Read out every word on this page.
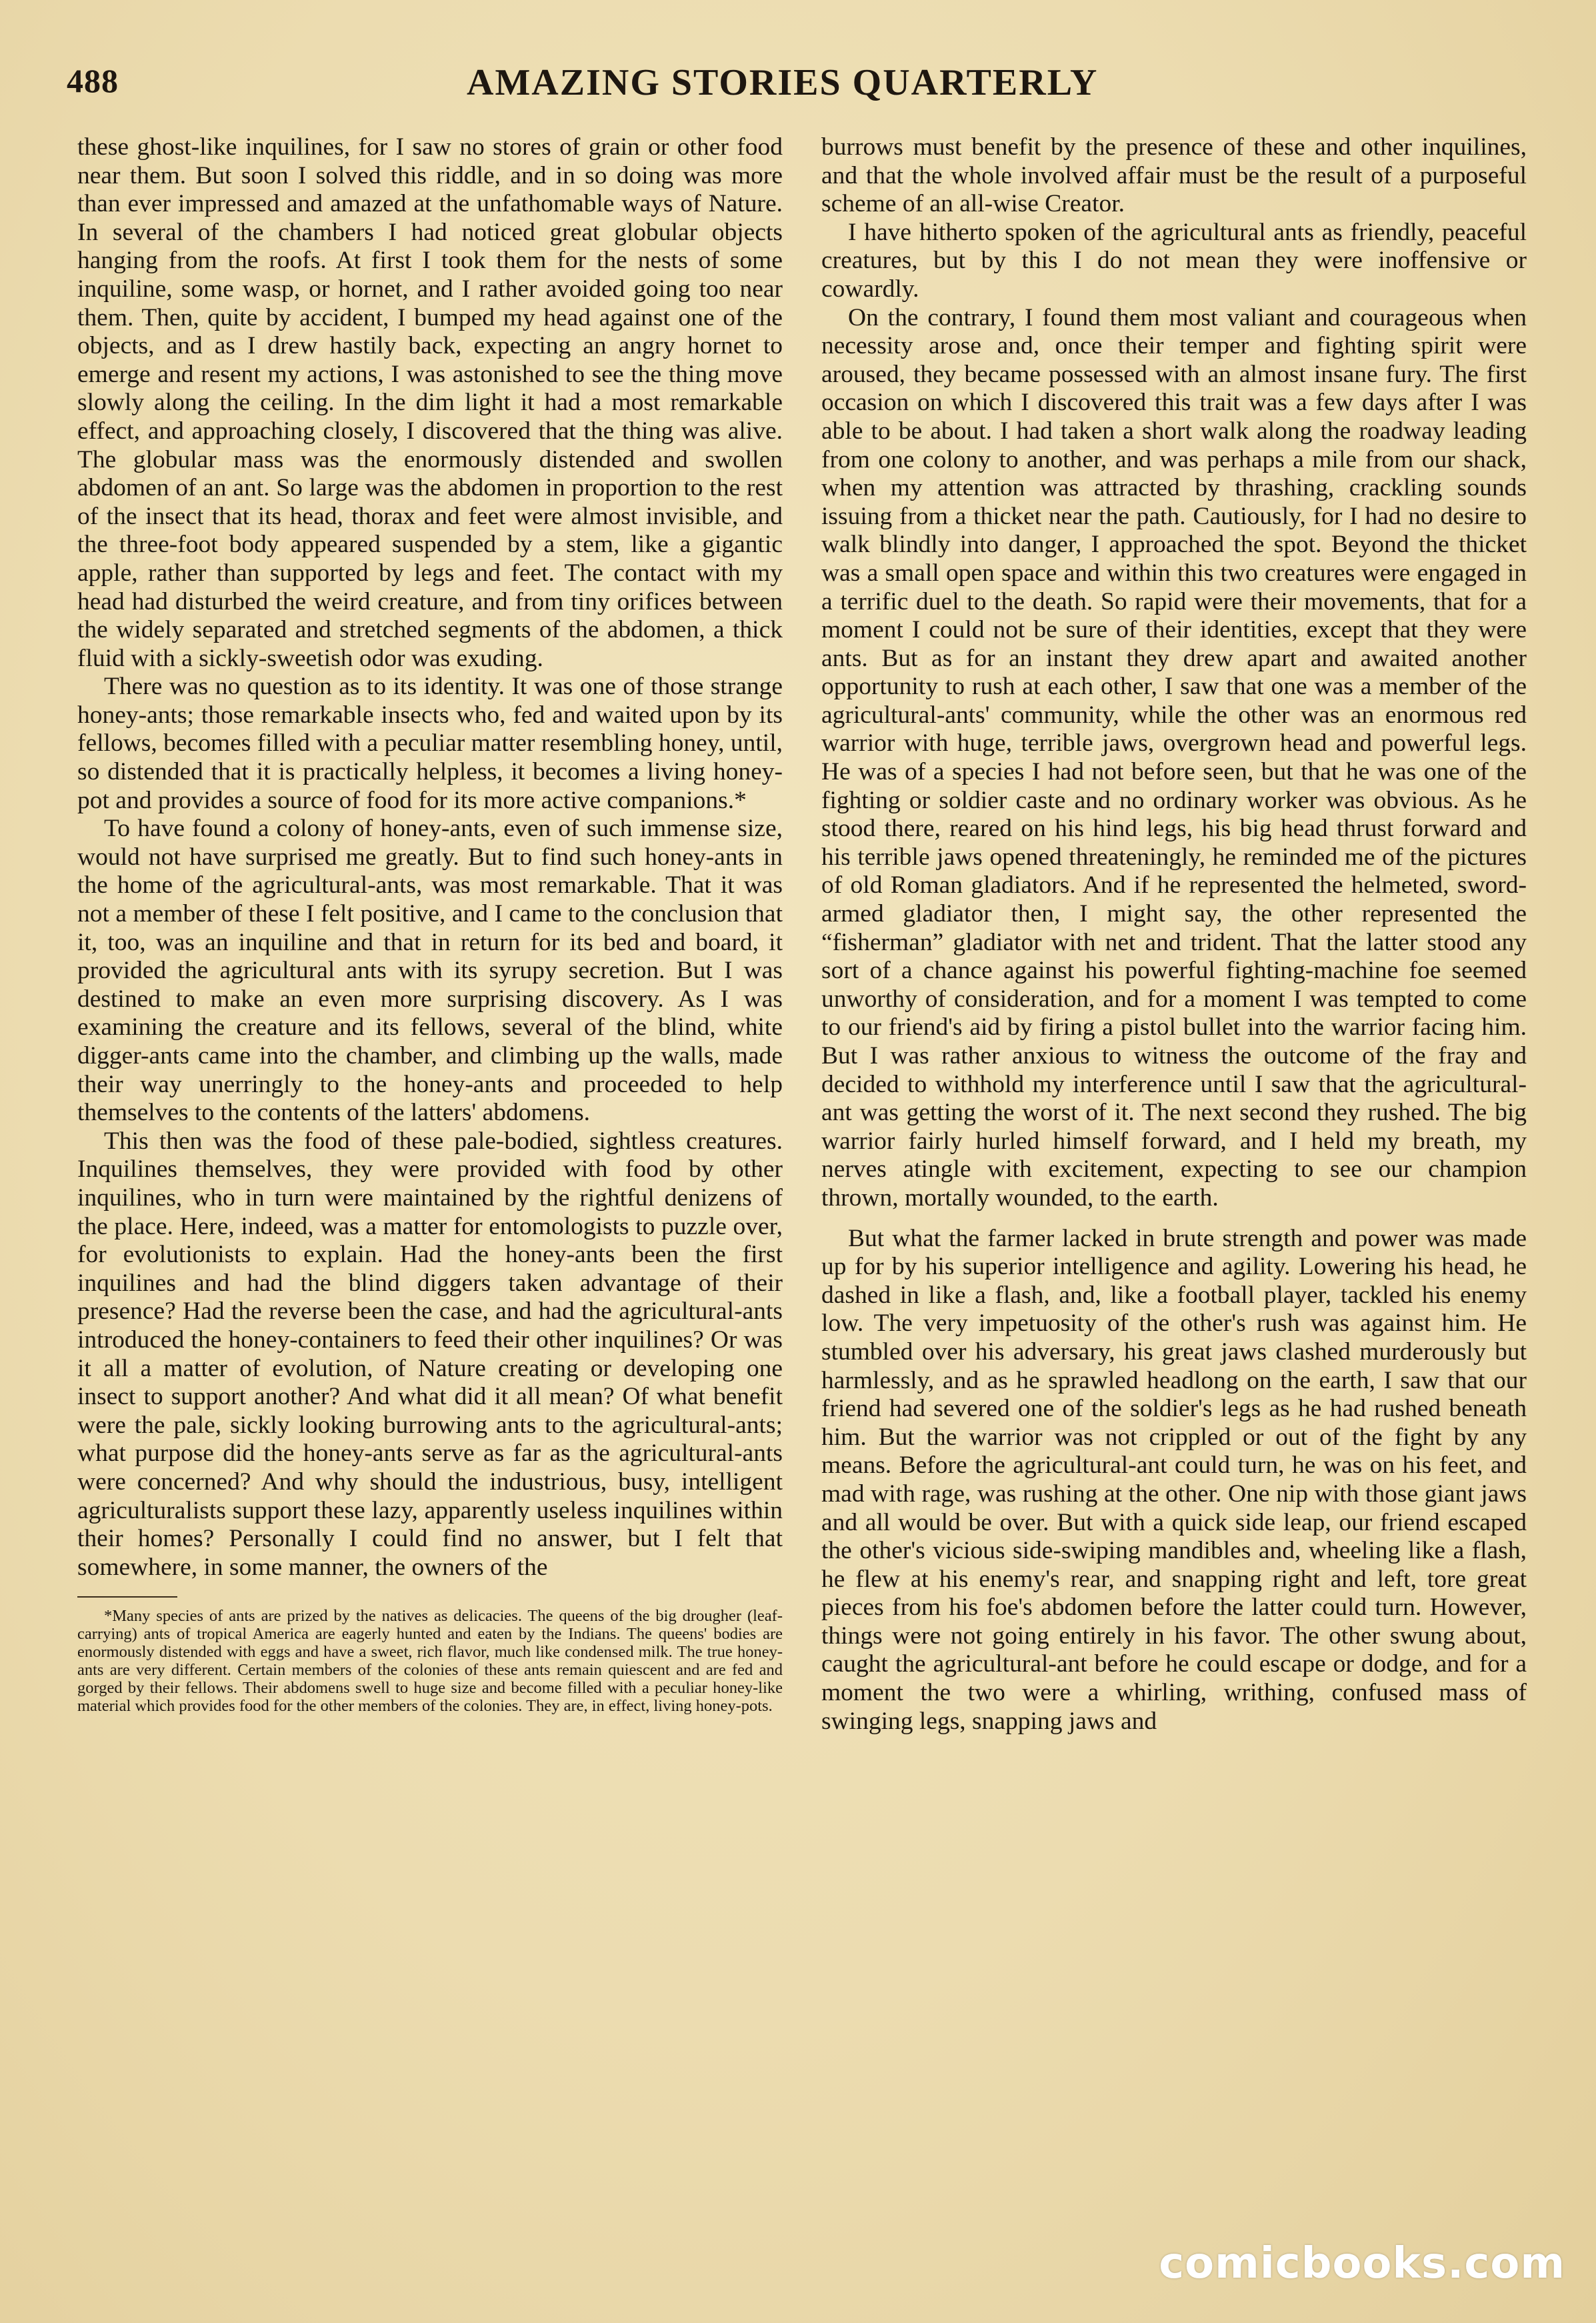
488	AMAZING STORIES QUARTERLY

these ghost-like inquilines, for I saw no stores of grain or other food near them. But soon I solved this riddle, and in so doing was more than ever impressed and amazed at the unfathomable ways of Nature. In several of the chambers I had noticed great globular objects hanging from the roofs. At first I took them for the nests of some inquiline, some wasp, or hornet, and I rather avoided going too near them. Then, quite by accident, I bumped my head against one of the objects, and as I drew hastily back, expecting an angry hornet to emerge and resent my actions, I was astonished to see the thing move slowly along the ceiling. In the dim light it had a most remarkable effect, and approaching closely, I discovered that the thing was alive. The globular mass was the enormously distended and swollen abdomen of an ant. So large was the abdomen in proportion to the rest of the insect that its head, thorax and feet were almost invisible, and the three-foot body appeared suspended by a stem, like a gigantic apple, rather than supported by legs and feet. The contact with my head had disturbed the weird creature, and from tiny orifices between the widely separated and stretched segments of the abdomen, a thick fluid with a sickly-sweetish odor was exuding.

There was no question as to its identity. It was one of those strange honey-ants; those remarkable insects who, fed and waited upon by its fellows, becomes filled with a peculiar matter resembling honey, until, so distended that it is practically helpless, it becomes a living honey-pot and provides a source of food for its more active companions.*

To have found a colony of honey-ants, even of such immense size, would not have surprised me greatly. But to find such honey-ants in the home of the agricultural-ants, was most remarkable. That it was not a member of these I felt positive, and I came to the conclusion that it, too, was an inquiline and that in return for its bed and board, it provided the agricultural ants with its syrupy secretion. But I was destined to make an even more surprising discovery. As I was examining the creature and its fellows, several of the blind, white digger-ants came into the chamber, and climbing up the walls, made their way unerringly to the honey-ants and proceeded to help themselves to the contents of the latters' abdomens.

This then was the food of these pale-bodied, sightless creatures. Inquilines themselves, they were provided with food by other inquilines, who in turn were maintained by the rightful denizens of the place. Here, indeed, was a matter for entomologists to puzzle over, for evolutionists to explain. Had the honey-ants been the first inquilines and had the blind diggers taken advantage of their presence? Had the reverse been the case, and had the agricultural-ants introduced the honey-containers to feed their other inquilines? Or was it all a matter of evolution, of Nature creating or developing one insect to support another? And what did it all mean? Of what benefit were the pale, sickly looking burrowing ants to the agricultural-ants; what purpose did the honey-ants serve as far as the agricultural-ants were concerned? And why should the industrious, busy, intelligent agriculturalists support these lazy, apparently useless inquilines within their homes? Personally I could find no answer, but I felt that somewhere, in some manner, the owners of the

*Many species of ants are prized by the natives as delicacies. The queens of the big drougher (leaf-carrying) ants of tropical America are eagerly hunted and eaten by the Indians. The queens' bodies are enormously distended with eggs and have a sweet, rich flavor, much like condensed milk. The true honey-ants are very different. Certain members of the colonies of these ants remain quiescent and are fed and gorged by their fellows. Their abdomens swell to huge size and become filled with a peculiar honey-like material which provides food for the other members of the colonies. They are, in effect, living honey-pots.

burrows must benefit by the presence of these and other inquilines, and that the whole involved affair must be the result of a purposeful scheme of an all-wise Creator.

I have hitherto spoken of the agricultural ants as friendly, peaceful creatures, but by this I do not mean they were inoffensive or cowardly.

On the contrary, I found them most valiant and courageous when necessity arose and, once their temper and fighting spirit were aroused, they became possessed with an almost insane fury. The first occasion on which I discovered this trait was a few days after I was able to be about. I had taken a short walk along the roadway leading from one colony to another, and was perhaps a mile from our shack, when my attention was attracted by thrashing, crackling sounds issuing from a thicket near the path. Cautiously, for I had no desire to walk blindly into danger, I approached the spot. Beyond the thicket was a small open space and within this two creatures were engaged in a terrific duel to the death. So rapid were their movements, that for a moment I could not be sure of their identities, except that they were ants. But as for an instant they drew apart and awaited another opportunity to rush at each other, I saw that one was a member of the agricultural-ants' community, while the other was an enormous red warrior with huge, terrible jaws, overgrown head and powerful legs. He was of a species I had not before seen, but that he was one of the fighting or soldier caste and no ordinary worker was obvious. As he stood there, reared on his hind legs, his big head thrust forward and his terrible jaws opened threateningly, he reminded me of the pictures of old Roman gladiators. And if he represented the helmeted, sword-armed gladiator then, I might say, the other represented the “fisherman” gladiator with net and trident. That the latter stood any sort of a chance against his powerful fighting-machine foe seemed unworthy of consideration, and for a moment I was tempted to come to our friend's aid by firing a pistol bullet into the warrior facing him. But I was rather anxious to witness the outcome of the fray and decided to withhold my interference until I saw that the agricultural-ant was getting the worst of it. The next second they rushed. The big warrior fairly hurled himself forward, and I held my breath, my nerves atingle with excitement, expecting to see our champion thrown, mortally wounded, to the earth.

But what the farmer lacked in brute strength and power was made up for by his superior intelligence and agility. Lowering his head, he dashed in like a flash, and, like a football player, tackled his enemy low. The very impetuosity of the other's rush was against him. He stumbled over his adversary, his great jaws clashed murderously but harmlessly, and as he sprawled headlong on the earth, I saw that our friend had severed one of the soldier's legs as he had rushed beneath him. But the warrior was not crippled or out of the fight by any means. Before the agricultural-ant could turn, he was on his feet, and mad with rage, was rushing at the other. One nip with those giant jaws and all would be over. But with a quick side leap, our friend escaped the other's vicious side-swiping mandibles and, wheeling like a flash, he flew at his enemy's rear, and snapping right and left, tore great pieces from his foe's abdomen before the latter could turn. However, things were not going entirely in his favor. The other swung about, caught the agricultural-ant before he could escape or dodge, and for a moment the two were a whirling, writhing, confused mass of swinging legs, snapping jaws and

comicbooks.com
